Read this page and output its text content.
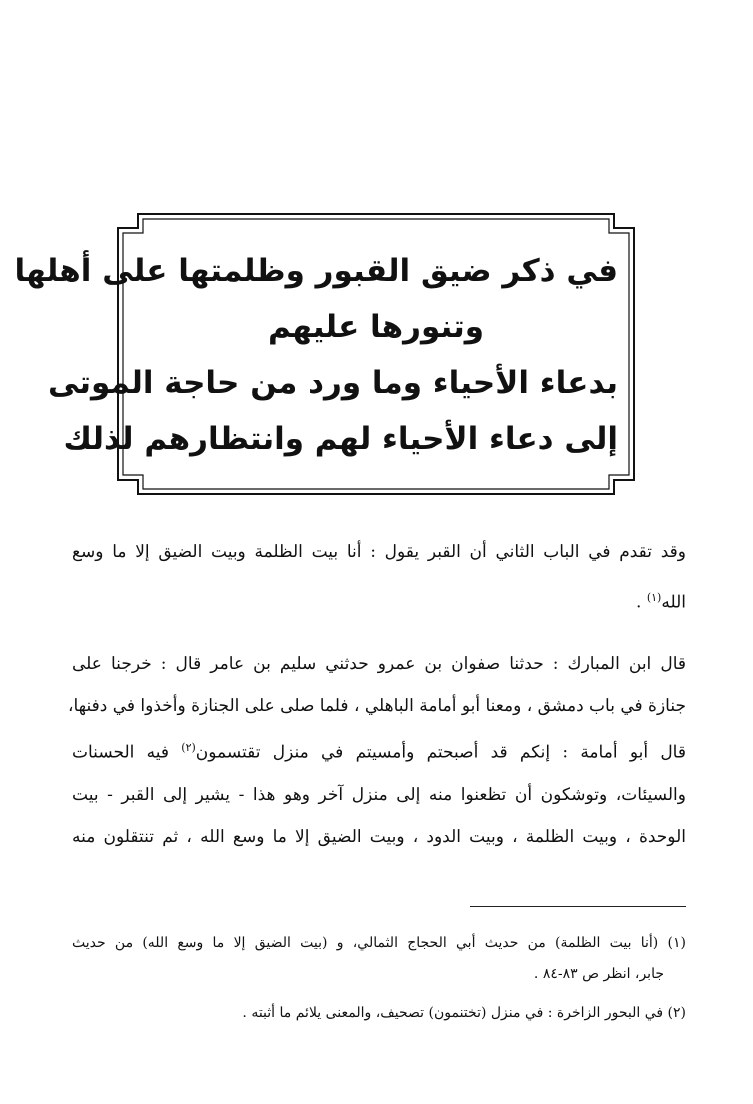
في ذكر ضيق القبور وظلمتها على أهلها
وتنورها عليهم
بدعاء الأحياء وما ورد من حاجة الموتى
إلى دعاء الأحياء لهم وانتظارهم لذلك
وقد تقدم في الباب الثاني أن القبر يقول : أنا بيت الظلمة وبيت الضيق إلا ما وسع
الله$^{(١)}$ .
قال ابن المبارك : حدثنا صفوان بن عمرو حدثني سليم بن عامر قال : خرجنا على
جنازة في باب دمشق ، ومعنا أبو أمامة الباهلي ، فلما صلى على الجنازة وأخذوا في دفنها،
قال أبو أمامة : إنكم قد أصبحتم وأمسيتم في منزل تقتسمون$^{(٢)}$ فيه الحسنات
والسيئات، وتوشكون أن تظعنوا منه إلى منزل آخر وهو هذا - يشير إلى القبر - بيت
الوحدة ، وبيت الظلمة ، وبيت الدود ، وبيت الضيق إلا ما وسع الله ، ثم تنتقلون منه
(١) (أنا بيت الظلمة) من حديث أبي الحجاج الثمالي، و (بيت الضيق إلا ما وسع الله) من حديث
جابر، انظر ص ٨٣-٨٤ .
(٢) في البحور الزاخرة : في منزل (تختنمون) تصحيف، والمعنى يلائم ما أثبته .
